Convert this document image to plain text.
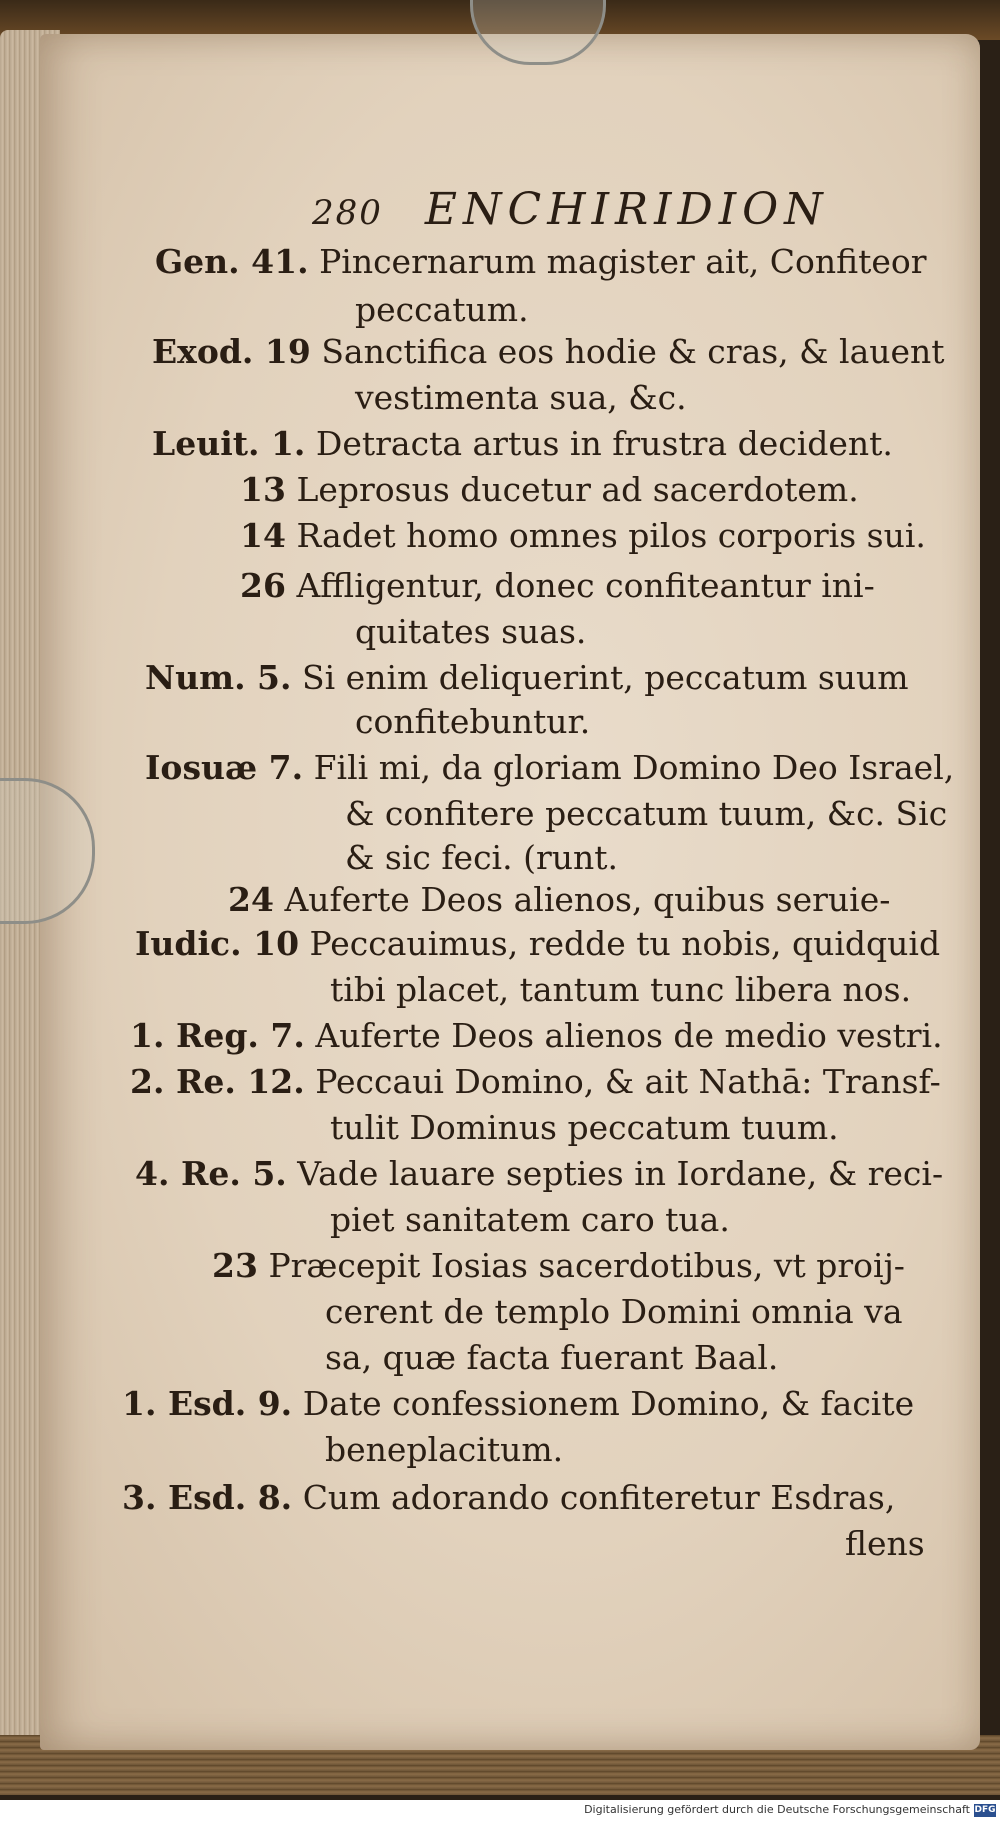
280 ENCHIRIDION
Gen. 41. Pincernarum magister ait, Confiteor
peccatum.
Exod. 19 Sanctifica eos hodie & cras, & lauent
vestimenta sua, &c.
Leuit. 1. Detracta artus in frustra decident.
13 Leprosus ducetur ad sacerdotem.
14 Radet homo omnes pilos corporis sui.
26 Affligentur, donec confiteantur ini-
quitates suas.
Num. 5. Si enim deliquerint, peccatum suum
confitebuntur.
Iosuæ 7. Fili mi, da gloriam Domino Deo Israel,
& confitere peccatum tuum, &c. Sic
& sic feci. (runt.
24 Auferte Deos alienos, quibus seruie-
Iudic. 10 Peccauimus, redde tu nobis, quidquid
tibi placet, tantum tunc libera nos.
1. Reg. 7. Auferte Deos alienos de medio vestri.
2. Re. 12. Peccaui Domino, & ait Nathā: Transf-
tulit Dominus peccatum tuum.
4. Re. 5. Vade lauare septies in Iordane, & reci-
piet sanitatem caro tua.
23 Præcepit Iosias sacerdotibus, vt proij-
cerent de templo Domini omnia va
sa, quæ facta fuerant Baal.
1. Esd. 9. Date confessionem Domino, & facite
beneplacitum.
3. Esd. 8. Cum adorando confiteretur Esdras,
flens
Digitalisierung gefördert durch die Deutsche Forschungsgemeinschaft DFG
